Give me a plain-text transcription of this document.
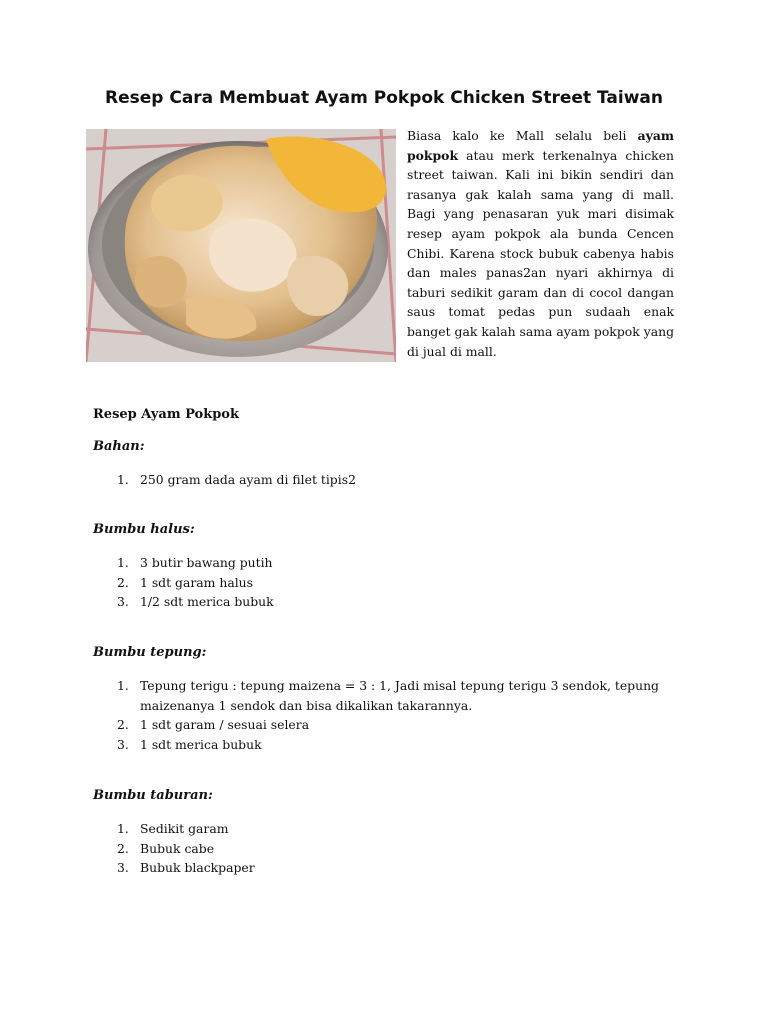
Resep Cara Membuat Ayam Pokpok Chicken Street Taiwan

Biasa kalo ke Mall selalu beli ayam pokpok atau merk terkenalnya chicken street taiwan. Kali ini bikin sendiri dan rasanya gak kalah sama yang di mall. Bagi yang penasaran yuk mari disimak resep ayam pokpok ala bunda Cencen Chibi. Karena stock bubuk cabenya habis dan males panas2an nyari akhirnya di taburi sedikit garam dan di cocol dangan saus tomat pedas pun sudaah enak banget gak kalah sama ayam pokpok yang di jual di mall.

Resep Ayam Pokpok
Bahan:
1. 250 gram dada ayam di filet tipis2
Bumbu halus:
1. 3 butir bawang putih
2. 1 sdt garam halus
3. 1/2 sdt merica bubuk
Bumbu tepung:
1. Tepung terigu : tepung maizena = 3 : 1, Jadi misal tepung terigu 3 sendok, tepung maizenanya 1 sendok dan bisa dikalikan takarannya.
2. 1 sdt garam / sesuai selera
3. 1 sdt merica bubuk
Bumbu taburan:
1. Sedikit garam
2. Bubuk cabe
3. Bubuk blackpaper
